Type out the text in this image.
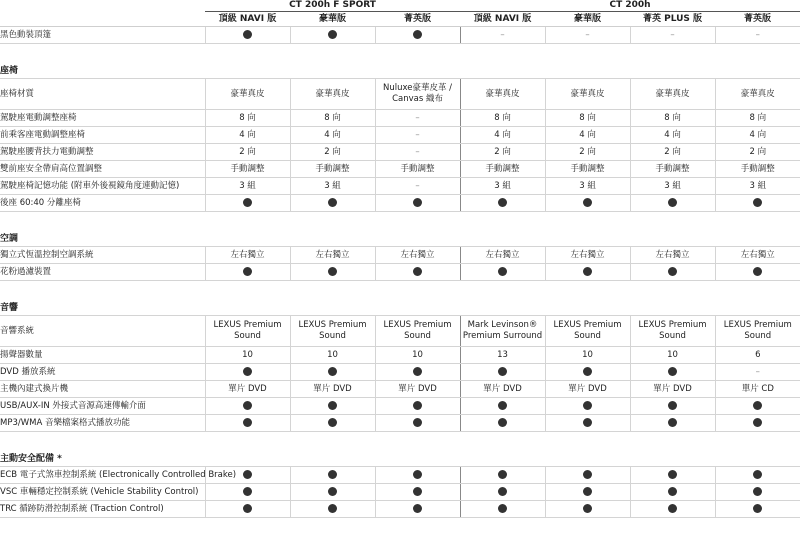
	CT 200h F SPORT			CT 200h			
	頂級 NAVI 版	豪華版	菁英版	頂級 NAVI 版	豪華版	菁英 PLUS 版	菁英版
黑色動裝頂篷				–	–	–	–

座椅							
座椅材質	豪華真皮	豪華真皮	Nuluxe豪華皮革 / Canvas 織布	豪華真皮	豪華真皮	豪華真皮	豪華真皮
駕駛座電動調整座椅	8 向	8 向	–	8 向	8 向	8 向	8 向
前乘客座電動調整座椅	4 向	4 向	–	4 向	4 向	4 向	4 向
駕駛座腰背扶力電動調整	2 向	2 向	–	2 向	2 向	2 向	2 向
雙前座安全帶肩高位置調整	手動調整	手動調整	手動調整	手動調整	手動調整	手動調整	手動調整
駕駛座椅記憶功能 (附車外後視鏡角度連動記憶)	3 組	3 組	–	3 組	3 組	3 組	3 組
後座 60:40 分離座椅							

空調							
獨立式恆溫控制空調系統	左右獨立	左右獨立	左右獨立	左右獨立	左右獨立	左右獨立	左右獨立
花粉過濾裝置							

音響							
音響系統	LEXUS Premium Sound	LEXUS Premium Sound	LEXUS Premium Sound	Mark Levinson® Premium Surround	LEXUS Premium Sound	LEXUS Premium Sound	LEXUS Premium Sound
揚聲器數量	10	10	10	13	10	10	6
DVD 播放系統							–
主機內建式換片機	單片 DVD	單片 DVD	單片 DVD	單片 DVD	單片 DVD	單片 DVD	單片 CD
USB/AUX-IN 外接式音源高速傳輸介面							
MP3/WMA 音樂檔案格式播放功能							

主動安全配備 *							
ECB 電子式煞車控制系統 (Electronically Controlled Brake)							
VSC 車輛穩定控制系統 (Vehicle Stability Control)							
TRC 循跡防滑控制系統 (Traction Control)							
